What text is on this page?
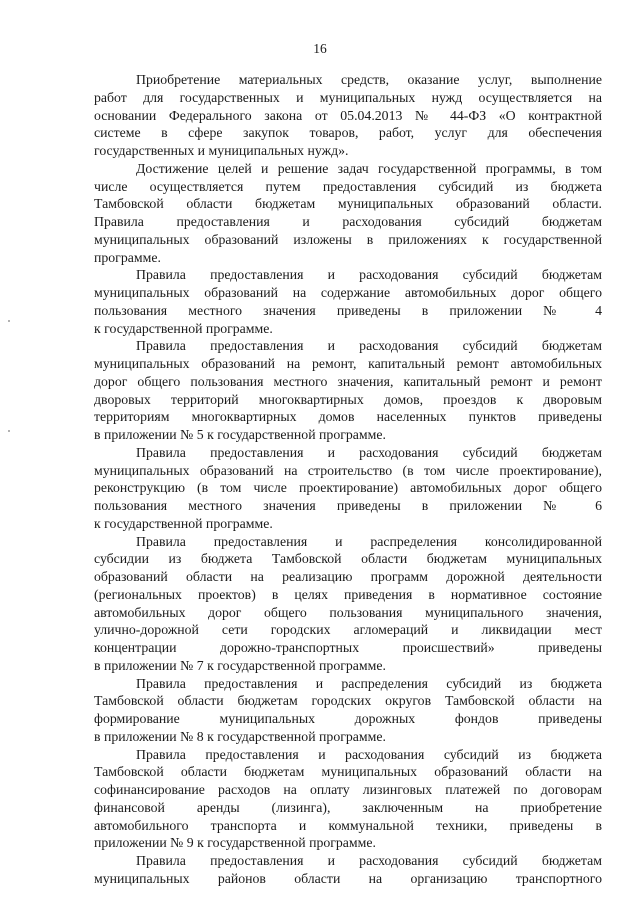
16
Приобретение материальных средств, оказание услуг, выполнение
работ для государственных и муниципальных нужд осуществляется на
основании Федерального закона от 05.04.2013 № 44-ФЗ «О контрактной
системе в сфере закупок товаров, работ, услуг для обеспечения
государственных и муниципальных нужд».
Достижение целей и решение задач государственной программы, в том
числе осуществляется путем предоставления субсидий из бюджета
Тамбовской области бюджетам муниципальных образований области.
Правила предоставления и расходования субсидий бюджетам
муниципальных образований изложены в приложениях к государственной
программе.
Правила предоставления и расходования субсидий бюджетам
муниципальных образований на содержание автомобильных дорог общего
пользования местного значения приведены в приложении № 4
к государственной программе.
Правила предоставления и расходования субсидий бюджетам
муниципальных образований на ремонт, капитальный ремонт автомобильных
дорог общего пользования местного значения, капитальный ремонт и ремонт
дворовых территорий многоквартирных домов, проездов к дворовым
территориям многоквартирных домов населенных пунктов приведены
в приложении № 5 к государственной программе.
Правила предоставления и расходования субсидий бюджетам
муниципальных образований на строительство (в том числе проектирование),
реконструкцию (в том числе проектирование) автомобильных дорог общего
пользования местного значения приведены в приложении № 6
к государственной программе.
Правила предоставления и распределения консолидированной
субсидии из бюджета Тамбовской области бюджетам муниципальных
образований области на реализацию программ дорожной деятельности
(региональных проектов) в целях приведения в нормативное состояние
автомобильных дорог общего пользования муниципального значения,
улично-дорожной сети городских агломераций и ликвидации мест
концентрации дорожно-транспортных происшествий» приведены
в приложении № 7 к государственной программе.
Правила предоставления и распределения субсидий из бюджета
Тамбовской области бюджетам городских округов Тамбовской области на
формирование муниципальных дорожных фондов приведены
в приложении № 8 к государственной программе.
Правила предоставления и расходования субсидий из бюджета
Тамбовской области бюджетам муниципальных образований области на
софинансирование расходов на оплату лизинговых платежей по договорам
финансовой аренды (лизинга), заключенным на приобретение
автомобильного транспорта и коммунальной техники, приведены в
приложении № 9 к государственной программе.
Правила предоставления и расходования субсидий бюджетам
муниципальных районов области на организацию транспортного
